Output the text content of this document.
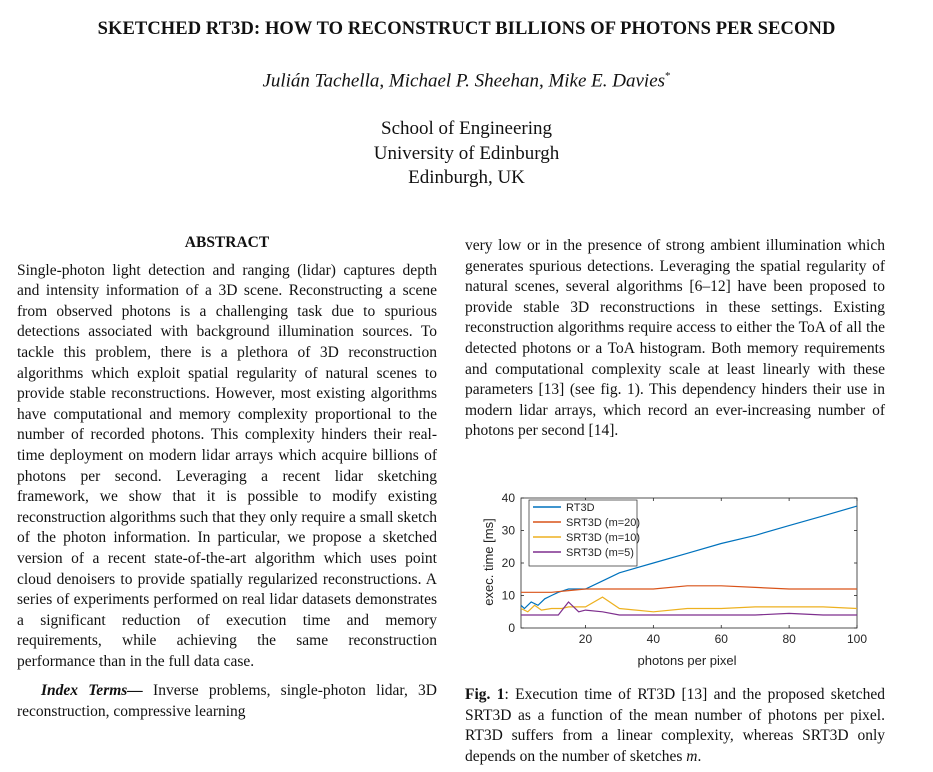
SKETCHED RT3D: HOW TO RECONSTRUCT BILLIONS OF PHOTONS PER SECOND
Julián Tachella, Michael P. Sheehan, Mike E. Davies*
School of Engineering
University of Edinburgh
Edinburgh, UK
ABSTRACT
Single-photon light detection and ranging (lidar) captures depth and intensity information of a 3D scene. Reconstructing a scene from observed photons is a challenging task due to spurious detections associated with background illumination sources. To tackle this problem, there is a plethora of 3D reconstruction algorithms which exploit spatial regularity of natural scenes to provide stable reconstructions. However, most existing algorithms have computational and memory complexity proportional to the number of recorded photons. This complexity hinders their real-time deployment on modern lidar arrays which acquire billions of photons per second. Leveraging a recent lidar sketching framework, we show that it is possible to modify existing reconstruction algorithms such that they only require a small sketch of the photon information. In particular, we propose a sketched version of a recent state-of-the-art algorithm which uses point cloud denoisers to provide spatially regularized reconstructions. A series of experiments performed on real lidar datasets demonstrates a significant reduction of execution time and memory requirements, while achieving the same reconstruction performance than in the full data case.
Index Terms— Inverse problems, single-photon lidar, 3D reconstruction, compressive learning
very low or in the presence of strong ambient illumination which generates spurious detections. Leveraging the spatial regularity of natural scenes, several algorithms [6–12] have been proposed to provide stable 3D reconstructions in these settings. Existing reconstruction algorithms require access to either the ToA of all the detected photons or a ToA histogram. Both memory requirements and computational complexity scale at least linearly with these parameters [13] (see fig. 1). This dependency hinders their use in modern lidar arrays, which record an ever-increasing number of photons per second [14].
20	40	60	80	100
0
10
20
30
40
RT3D
SRT3D (m=20)
SRT3D (m=10)
SRT3D (m=5)
exec. time [ms]
photons per pixel
Fig. 1: Execution time of RT3D [13] and the proposed sketched SRT3D as a function of the mean number of photons per pixel. RT3D suffers from a linear complexity, whereas SRT3D only depends on the number of sketches m.
